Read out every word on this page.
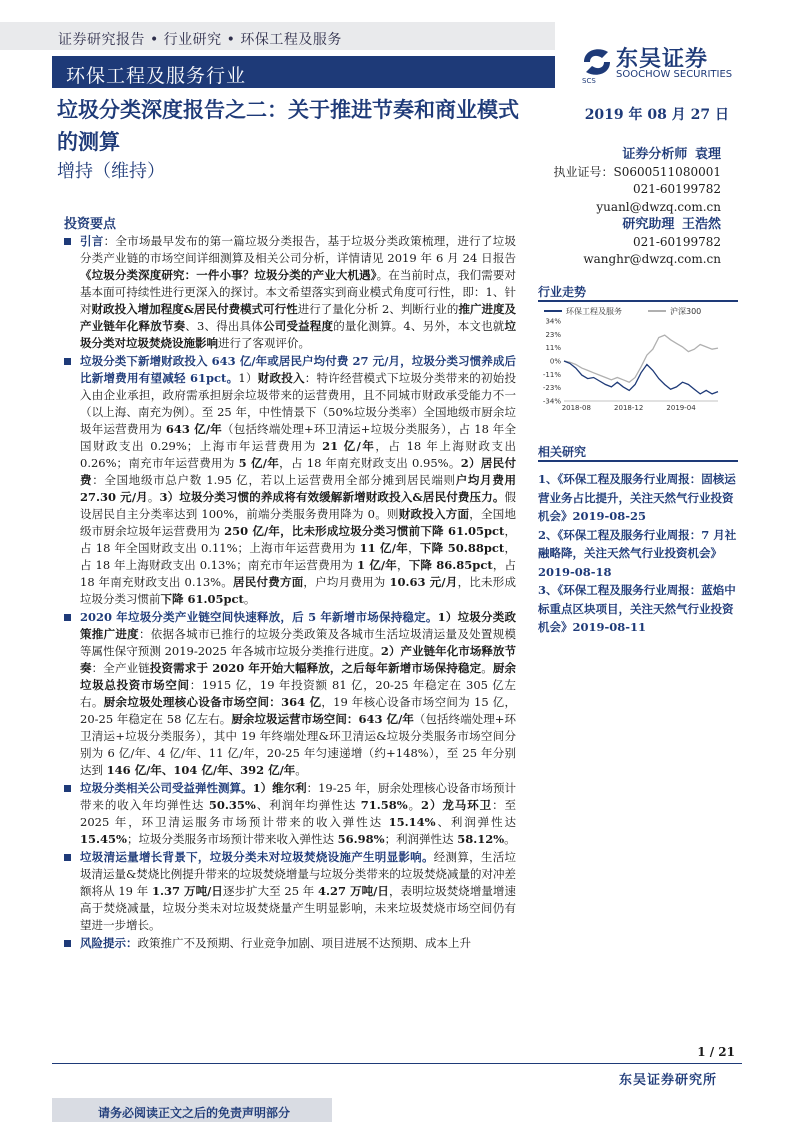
证券研究报告 • 行业研究 • 环保工程及服务
环保工程及服务行业	SCS
东吴证券
SOOCHOW SECURITIES
垃圾分类深度报告之二：关于推进节奏和商业模式的测算
增持（维持）
2019 年 08 月 27 日
证券分析师 袁理
执业证号：S0600511080001
021-60199782
yuanl@dwzq.com.cn
研究助理 王浩然
021-60199782
wanghr@dwzq.com.cn
投资要点
引言：全市场最早发布的第一篇垃圾分类报告，基于垃圾分类政策梳理，进行了垃圾分类产业链的市场空间详细测算及相关公司分析，详情请见 2019 年 6 月 24 日报告《垃圾分类深度研究：一件小事？垃圾分类的产业大机遇》。在当前时点，我们需要对基本面可持续性进行更深入的探讨。本文希望落实到商业模式角度可行性，即：1、针对财政投入增加程度&居民付费模式可行性进行了量化分析 2、判断行业的推广进度及产业链年化释放节奏、3、得出具体公司受益程度的量化测算。4、另外，本文也就垃圾分类对垃圾焚烧设施影响进行了客观评价。
垃圾分类下新增财政投入 643 亿/年或居民户均付费 27 元/月，垃圾分类习惯养成后比新增费用有望减轻 61pct。1）财政投入：特许经营模式下垃圾分类带来的初始投入由企业承担，政府需承担厨余垃圾带来的运营费用，且不同城市财政承受能力不一（以上海、南充为例）。至 25 年，中性情景下（50%垃圾分类率）全国地级市厨余垃圾年运营费用为 643 亿/年（包括终端处理+环卫清运+垃圾分类服务），占 18 年全国财政支出 0.29%；上海市年运营费用为 21 亿/年，占 18 年上海财政支出 0.26%；南充市年运营费用为 5 亿/年，占 18 年南充财政支出 0.95%。2）居民付费：全国地级市总户数 1.95 亿，若以上运营费用全部分摊到居民端则户均月费用 27.30 元/月。3）垃圾分类习惯的养成将有效缓解新增财政投入&居民付费压力。假设居民自主分类率达到 100%，前端分类服务费用降为 0。则财政投入方面，全国地级市厨余垃圾年运营费用为 250 亿/年，比未形成垃圾分类习惯前下降 61.05pct，占 18 年全国财政支出 0.11%；上海市年运营费用为 11 亿/年，下降 50.88pct，占 18 年上海财政支出 0.13%；南充市年运营费用为 1 亿/年，下降 86.85pct，占 18 年南充财政支出 0.13%。居民付费方面，户均月费用为 10.63 元/月，比未形成垃圾分类习惯前下降 61.05pct。
2020 年垃圾分类产业链空间快速释放，后 5 年新增市场保持稳定。1）垃圾分类政策推广进度：依据各城市已推行的垃圾分类政策及各城市生活垃圾清运量及处置规模等属性保守预测 2019-2025 年各城市垃圾分类推行进度。2）产业链年化市场释放节奏：全产业链投资需求于 2020 年开始大幅释放，之后每年新增市场保持稳定。厨余垃圾总投资市场空间：1915 亿，19 年投资额 81 亿，20-25 年稳定在 305 亿左右。厨余垃圾处理核心设备市场空间：364 亿，19 年核心设备市场空间为 15 亿，20-25 年稳定在 58 亿左右。厨余垃圾运营市场空间：643 亿/年（包括终端处理+环卫清运+垃圾分类服务），其中 19 年终端处理&环卫清运&垃圾分类服务市场空间分别为 6 亿/年、4 亿/年、11 亿/年，20-25 年匀速递增（约+148%），至 25 年分别达到 146 亿/年、104 亿/年、392 亿/年。
垃圾分类相关公司受益弹性测算。1）维尔利：19-25 年，厨余处理核心设备市场预计带来的收入年均弹性达 50.35%、利润年均弹性达 71.58%。2）龙马环卫：至 2025 年，环卫清运服务市场预计带来的收入弹性达 15.14%、利润弹性达 15.45%；垃圾分类服务市场预计带来收入弹性达 56.98%；利润弹性达 58.12%。
垃圾清运量增长背景下，垃圾分类未对垃圾焚烧设施产生明显影响。经测算，生活垃圾清运量&焚烧比例提升带来的垃圾焚烧增量与垃圾分类带来的垃圾焚烧减量的对冲差额将从 19 年 1.37 万吨/日逐步扩大至 25 年 4.27 万吨/日，表明垃圾焚烧增量增速高于焚烧减量，垃圾分类未对垃圾焚烧量产生明显影响，未来垃圾焚烧市场空间仍有望进一步增长。
风险提示：政策推广不及预期、行业竞争加剧、项目进展不达预期、成本上升
行业走势
环保工程及服务	沪深300
34%
23%
11%
0%
-11%
-23%
-34%
2018-08	2018-12	2019-04
相关研究
1、《环保工程及服务行业周报：固核运营业务占比提升，关注天然气行业投资机会》2019-08-25
2、《环保工程及服务行业周报：7 月社融略降，关注天然气行业投资机会》2019-08-18
3、《环保工程及服务行业周报：蓝焰中标重点区块项目，关注天然气行业投资机会》2019-08-11
1 / 21
东吴证券研究所
请务必阅读正文之后的免责声明部分
